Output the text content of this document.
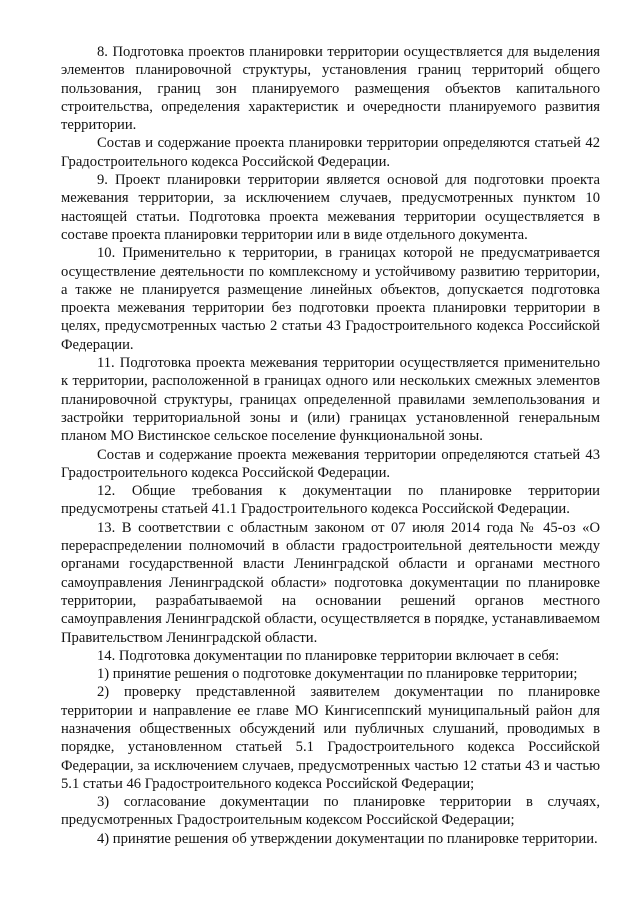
8. Подготовка проектов планировки территории осуществляется для выделения элементов планировочной структуры, установления границ территорий общего пользования, границ зон планируемого размещения объектов капитального строительства, определения характеристик и очередности планируемого развития территории.

Состав и содержание проекта планировки территории определяются статьей 42 Градостроительного кодекса Российской Федерации.

9. Проект планировки территории является основой для подготовки проекта межевания территории, за исключением случаев, предусмотренных пунктом 10 настоящей статьи. Подготовка проекта межевания территории осуществляется в составе проекта планировки территории или в виде отдельного документа.

10. Применительно к территории, в границах которой не предусматривается осуществление деятельности по комплексному и устойчивому развитию территории, а также не планируется размещение линейных объектов, допускается подготовка проекта межевания территории без подготовки проекта планировки территории в целях, предусмотренных частью 2 статьи 43 Градостроительного кодекса Российской Федерации.

11. Подготовка проекта межевания территории осуществляется применительно к территории, расположенной в границах одного или нескольких смежных элементов планировочной структуры, границах определенной правилами землепользования и застройки территориальной зоны и (или) границах установленной генеральным планом МО Вистинское сельское поселение функциональной зоны.

Состав и содержание проекта межевания территории определяются статьей 43 Градостроительного кодекса Российской Федерации.

12. Общие требования к документации по планировке территории предусмотрены статьей 41.1 Градостроительного кодекса Российской Федерации.

13. В соответствии с областным законом от 07 июля 2014 года № 45-оз «О перераспределении полномочий в области градостроительной деятельности между органами государственной власти Ленинградской области и органами местного самоуправления Ленинградской области» подготовка документации по планировке территории, разрабатываемой на основании решений органов местного самоуправления Ленинградской области, осуществляется в порядке, устанавливаемом Правительством Ленинградской области.

14. Подготовка документации по планировке территории включает в себя:

1) принятие решения о подготовке документации по планировке территории;

2) проверку представленной заявителем документации по планировке территории и направление ее главе МО Кингисеппский муниципальный район для назначения общественных обсуждений или публичных слушаний, проводимых в порядке, установленном статьей 5.1 Градостроительного кодекса Российской Федерации, за исключением случаев, предусмотренных частью 12 статьи 43 и частью 5.1 статьи 46 Градостроительного кодекса Российской Федерации;

3) согласование документации по планировке территории в случаях, предусмотренных Градостроительным кодексом Российской Федерации;

4) принятие решения об утверждении документации по планировке территории.
